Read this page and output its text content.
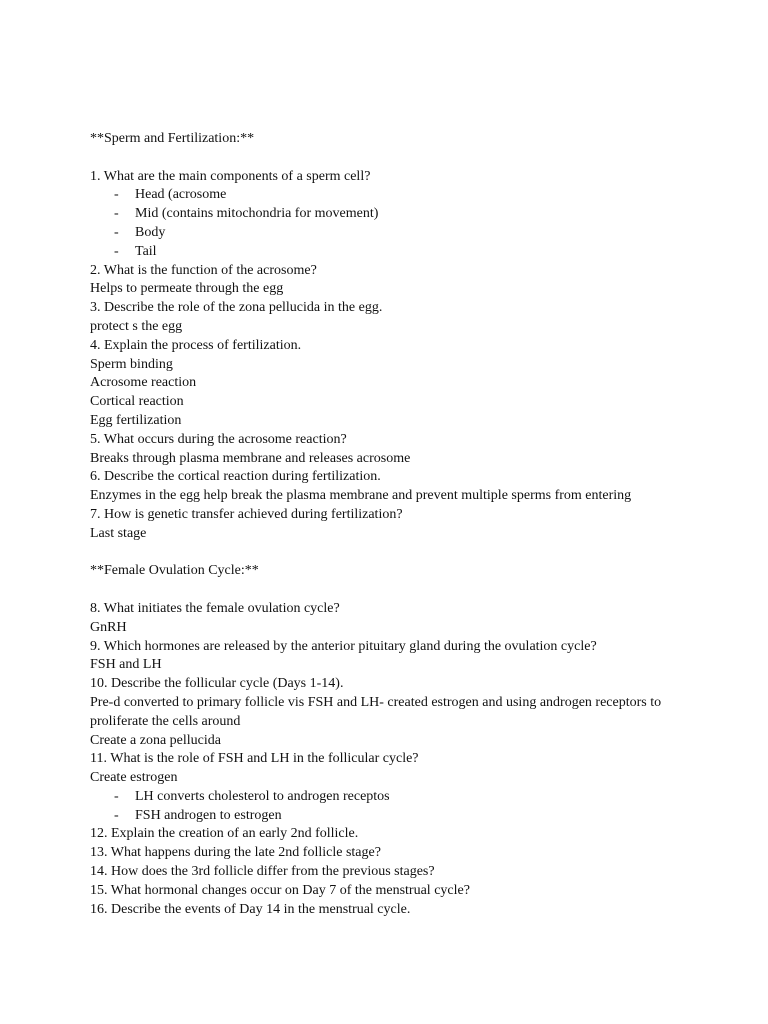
**Sperm and Fertilization:**
1. What are the main components of a sperm cell?
- Head (acrosome
- Mid (contains mitochondria for movement)
- Body
- Tail
2. What is the function of the acrosome?
Helps to permeate through the egg
3. Describe the role of the zona pellucida in the egg.
protect s the egg
4. Explain the process of fertilization.
Sperm binding
Acrosome reaction
Cortical reaction
Egg fertilization
5. What occurs during the acrosome reaction?
Breaks through plasma membrane and releases acrosome
6. Describe the cortical reaction during fertilization.
Enzymes in the egg help break the plasma membrane and prevent multiple sperms from entering
7. How is genetic transfer achieved during fertilization?
Last stage
**Female Ovulation Cycle:**
8. What initiates the female ovulation cycle?
GnRH
9. Which hormones are released by the anterior pituitary gland during the ovulation cycle?
FSH and LH
10. Describe the follicular cycle (Days 1-14).
Pre-d converted to primary follicle vis FSH and LH- created estrogen and using androgen receptors to
proliferate the cells around
Create a zona pellucida
11. What is the role of FSH and LH in the follicular cycle?
Create estrogen
- LH converts cholesterol to androgen receptos
- FSH androgen to estrogen
12. Explain the creation of an early 2nd follicle.
13. What happens during the late 2nd follicle stage?
14. How does the 3rd follicle differ from the previous stages?
15. What hormonal changes occur on Day 7 of the menstrual cycle?
16. Describe the events of Day 14 in the menstrual cycle.
